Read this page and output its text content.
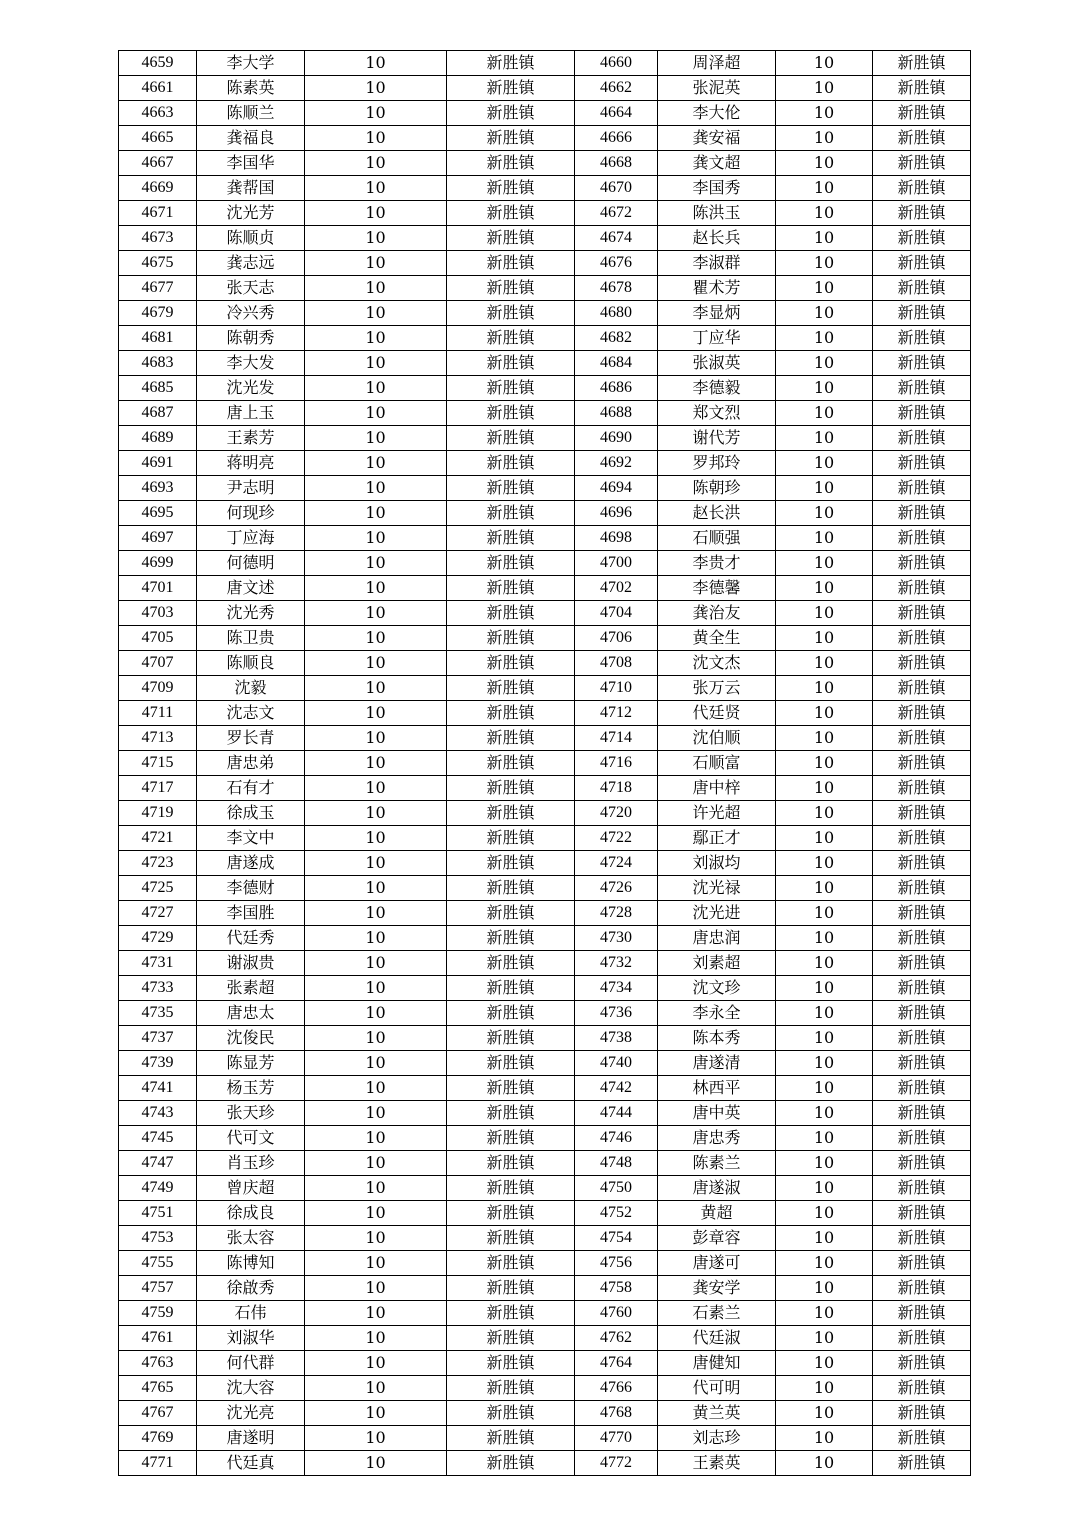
4659	李大学	10	新胜镇	4660	周泽超	10	新胜镇
4661	陈素英	10	新胜镇	4662	张泥英	10	新胜镇
4663	陈顺兰	10	新胜镇	4664	李大伦	10	新胜镇
4665	龚福良	10	新胜镇	4666	龚安福	10	新胜镇
4667	李国华	10	新胜镇	4668	龚文超	10	新胜镇
4669	龚帮国	10	新胜镇	4670	李国秀	10	新胜镇
4671	沈光芳	10	新胜镇	4672	陈洪玉	10	新胜镇
4673	陈顺贞	10	新胜镇	4674	赵长兵	10	新胜镇
4675	龚志远	10	新胜镇	4676	李淑群	10	新胜镇
4677	张天志	10	新胜镇	4678	瞿术芳	10	新胜镇
4679	冷兴秀	10	新胜镇	4680	李显炳	10	新胜镇
4681	陈朝秀	10	新胜镇	4682	丁应华	10	新胜镇
4683	李大发	10	新胜镇	4684	张淑英	10	新胜镇
4685	沈光发	10	新胜镇	4686	李德毅	10	新胜镇
4687	唐上玉	10	新胜镇	4688	郑文烈	10	新胜镇
4689	王素芳	10	新胜镇	4690	谢代芳	10	新胜镇
4691	蒋明亮	10	新胜镇	4692	罗邦玲	10	新胜镇
4693	尹志明	10	新胜镇	4694	陈朝珍	10	新胜镇
4695	何现珍	10	新胜镇	4696	赵长洪	10	新胜镇
4697	丁应海	10	新胜镇	4698	石顺强	10	新胜镇
4699	何德明	10	新胜镇	4700	李贵才	10	新胜镇
4701	唐文述	10	新胜镇	4702	李德馨	10	新胜镇
4703	沈光秀	10	新胜镇	4704	龚治友	10	新胜镇
4705	陈卫贵	10	新胜镇	4706	黄全生	10	新胜镇
4707	陈顺良	10	新胜镇	4708	沈文杰	10	新胜镇
4709	沈毅	10	新胜镇	4710	张万云	10	新胜镇
4711	沈志文	10	新胜镇	4712	代廷贤	10	新胜镇
4713	罗长青	10	新胜镇	4714	沈伯顺	10	新胜镇
4715	唐忠弟	10	新胜镇	4716	石顺富	10	新胜镇
4717	石有才	10	新胜镇	4718	唐中梓	10	新胜镇
4719	徐成玉	10	新胜镇	4720	许光超	10	新胜镇
4721	李文中	10	新胜镇	4722	鄢正才	10	新胜镇
4723	唐遂成	10	新胜镇	4724	刘淑均	10	新胜镇
4725	李德财	10	新胜镇	4726	沈光禄	10	新胜镇
4727	李国胜	10	新胜镇	4728	沈光进	10	新胜镇
4729	代廷秀	10	新胜镇	4730	唐忠润	10	新胜镇
4731	谢淑贵	10	新胜镇	4732	刘素超	10	新胜镇
4733	张素超	10	新胜镇	4734	沈文珍	10	新胜镇
4735	唐忠太	10	新胜镇	4736	李永全	10	新胜镇
4737	沈俊民	10	新胜镇	4738	陈本秀	10	新胜镇
4739	陈显芳	10	新胜镇	4740	唐遂清	10	新胜镇
4741	杨玉芳	10	新胜镇	4742	林西平	10	新胜镇
4743	张天珍	10	新胜镇	4744	唐中英	10	新胜镇
4745	代可文	10	新胜镇	4746	唐忠秀	10	新胜镇
4747	肖玉珍	10	新胜镇	4748	陈素兰	10	新胜镇
4749	曾庆超	10	新胜镇	4750	唐遂淑	10	新胜镇
4751	徐成良	10	新胜镇	4752	黄超	10	新胜镇
4753	张太容	10	新胜镇	4754	彭章容	10	新胜镇
4755	陈博知	10	新胜镇	4756	唐遂可	10	新胜镇
4757	徐啟秀	10	新胜镇	4758	龚安学	10	新胜镇
4759	石伟	10	新胜镇	4760	石素兰	10	新胜镇
4761	刘淑华	10	新胜镇	4762	代廷淑	10	新胜镇
4763	何代群	10	新胜镇	4764	唐健知	10	新胜镇
4765	沈大容	10	新胜镇	4766	代可明	10	新胜镇
4767	沈光亮	10	新胜镇	4768	黄兰英	10	新胜镇
4769	唐遂明	10	新胜镇	4770	刘志珍	10	新胜镇
4771	代廷真	10	新胜镇	4772	王素英	10	新胜镇
